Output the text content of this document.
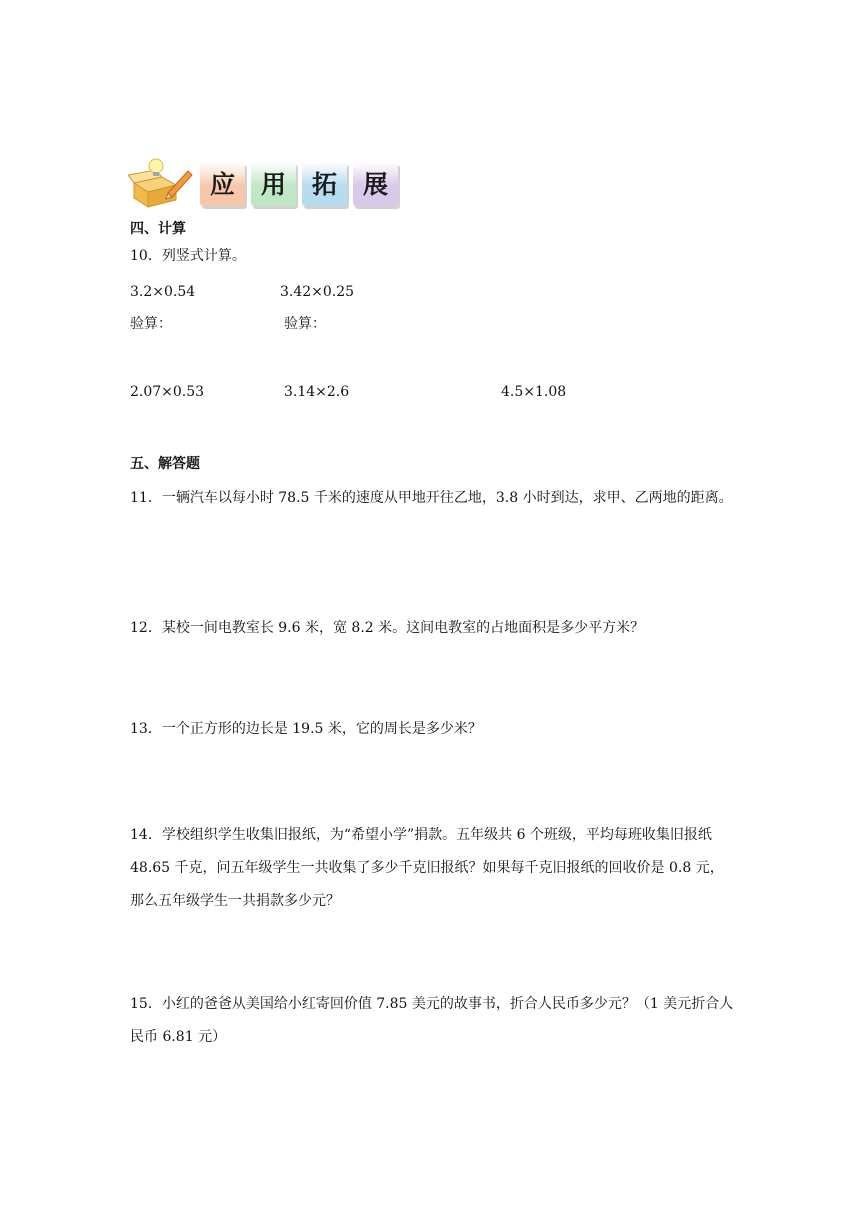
应 用 拓 展
四、计算
10．列竖式计算。
3.2×0.54	3.42×0.25
验算：	验算：
2.07×0.53	3.14×2.6	4.5×1.08
五、解答题
11．一辆汽车以每小时 78.5 千米的速度从甲地开往乙地，3.8 小时到达，求甲、乙两地的距离。
12．某校一间电教室长 9.6 米，宽 8.2 米。这间电教室的占地面积是多少平方米？
13．一个正方形的边长是 19.5 米，它的周长是多少米？
14．学校组织学生收集旧报纸，为“希望小学”捐款。五年级共 6 个班级，平均每班收集旧报纸 48.65 千克，问五年级学生一共收集了多少千克旧报纸？如果每千克旧报纸的回收价是 0.8 元，那么五年级学生一共捐款多少元？
15．小红的爸爸从美国给小红寄回价值 7.85 美元的故事书，折合人民币多少元？（1 美元折合人民币 6.81 元）
